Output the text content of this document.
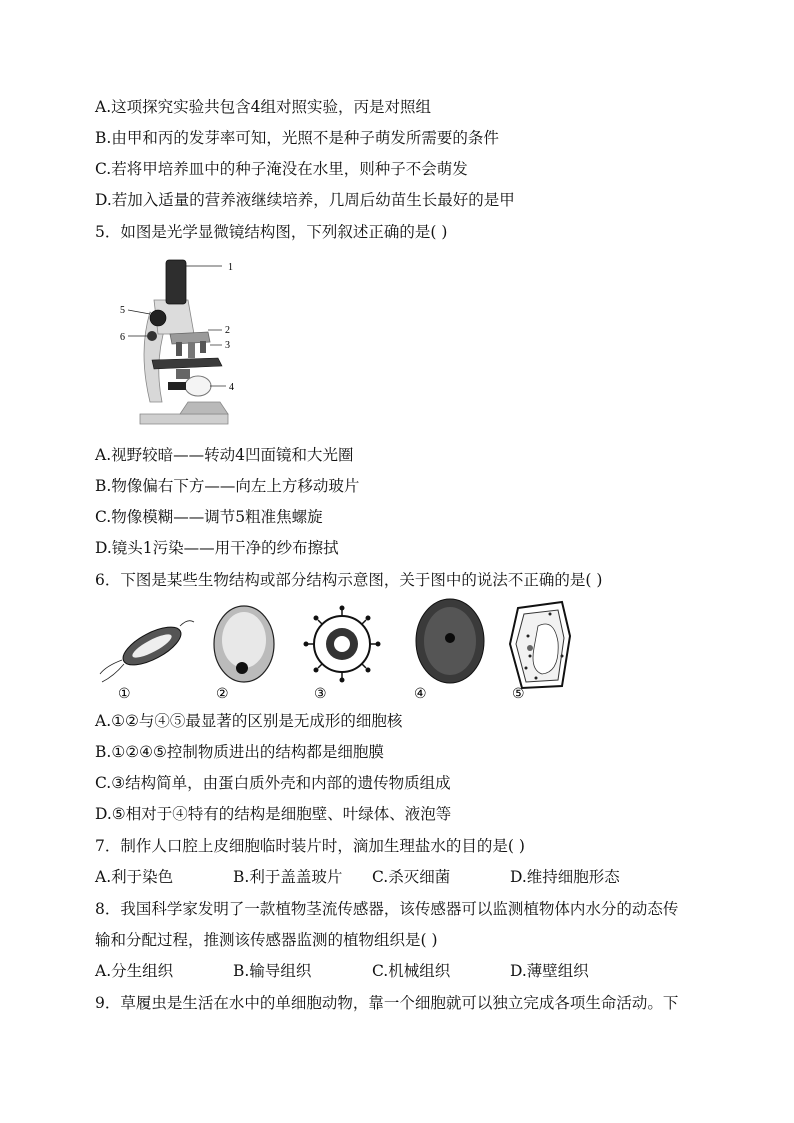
A.这项探究实验共包含4组对照实验，丙是对照组
B.由甲和丙的发芽率可知，光照不是种子萌发所需要的条件
C.若将甲培养皿中的种子淹没在水里，则种子不会萌发
D.若加入适量的营养液继续培养，几周后幼苗生长最好的是甲
5．如图是光学显微镜结构图，下列叙述正确的是( )
1
2
3
4
5
6
A.视野较暗——转动4凹面镜和大光圈
B.物像偏右下方——向左上方移动玻片
C.物像模糊——调节5粗准焦螺旋
D.镜头1污染——用干净的纱布擦拭
6．下图是某些生物结构或部分结构示意图，关于图中的说法不正确的是( )
①	②	③	④	⑤
A.①②与④⑤最显著的区别是无成形的细胞核
B.①②④⑤控制物质进出的结构都是细胞膜
C.③结构简单，由蛋白质外壳和内部的遗传物质组成
D.⑤相对于④特有的结构是细胞壁、叶绿体、液泡等
7．制作人口腔上皮细胞临时装片时，滴加生理盐水的目的是( )
A.利于染色	B.利于盖盖玻片 C.杀灭细菌	D.维持细胞形态
8．我国科学家发明了一款植物茎流传感器，该传感器可以监测植物体内水分的动态传
输和分配过程，推测该传感器监测的植物组织是( )
A.分生组织	B.输导组织	C.机械组织	D.薄壁组织
9．草履虫是生活在水中的单细胞动物，靠一个细胞就可以独立完成各项生命活动。下
